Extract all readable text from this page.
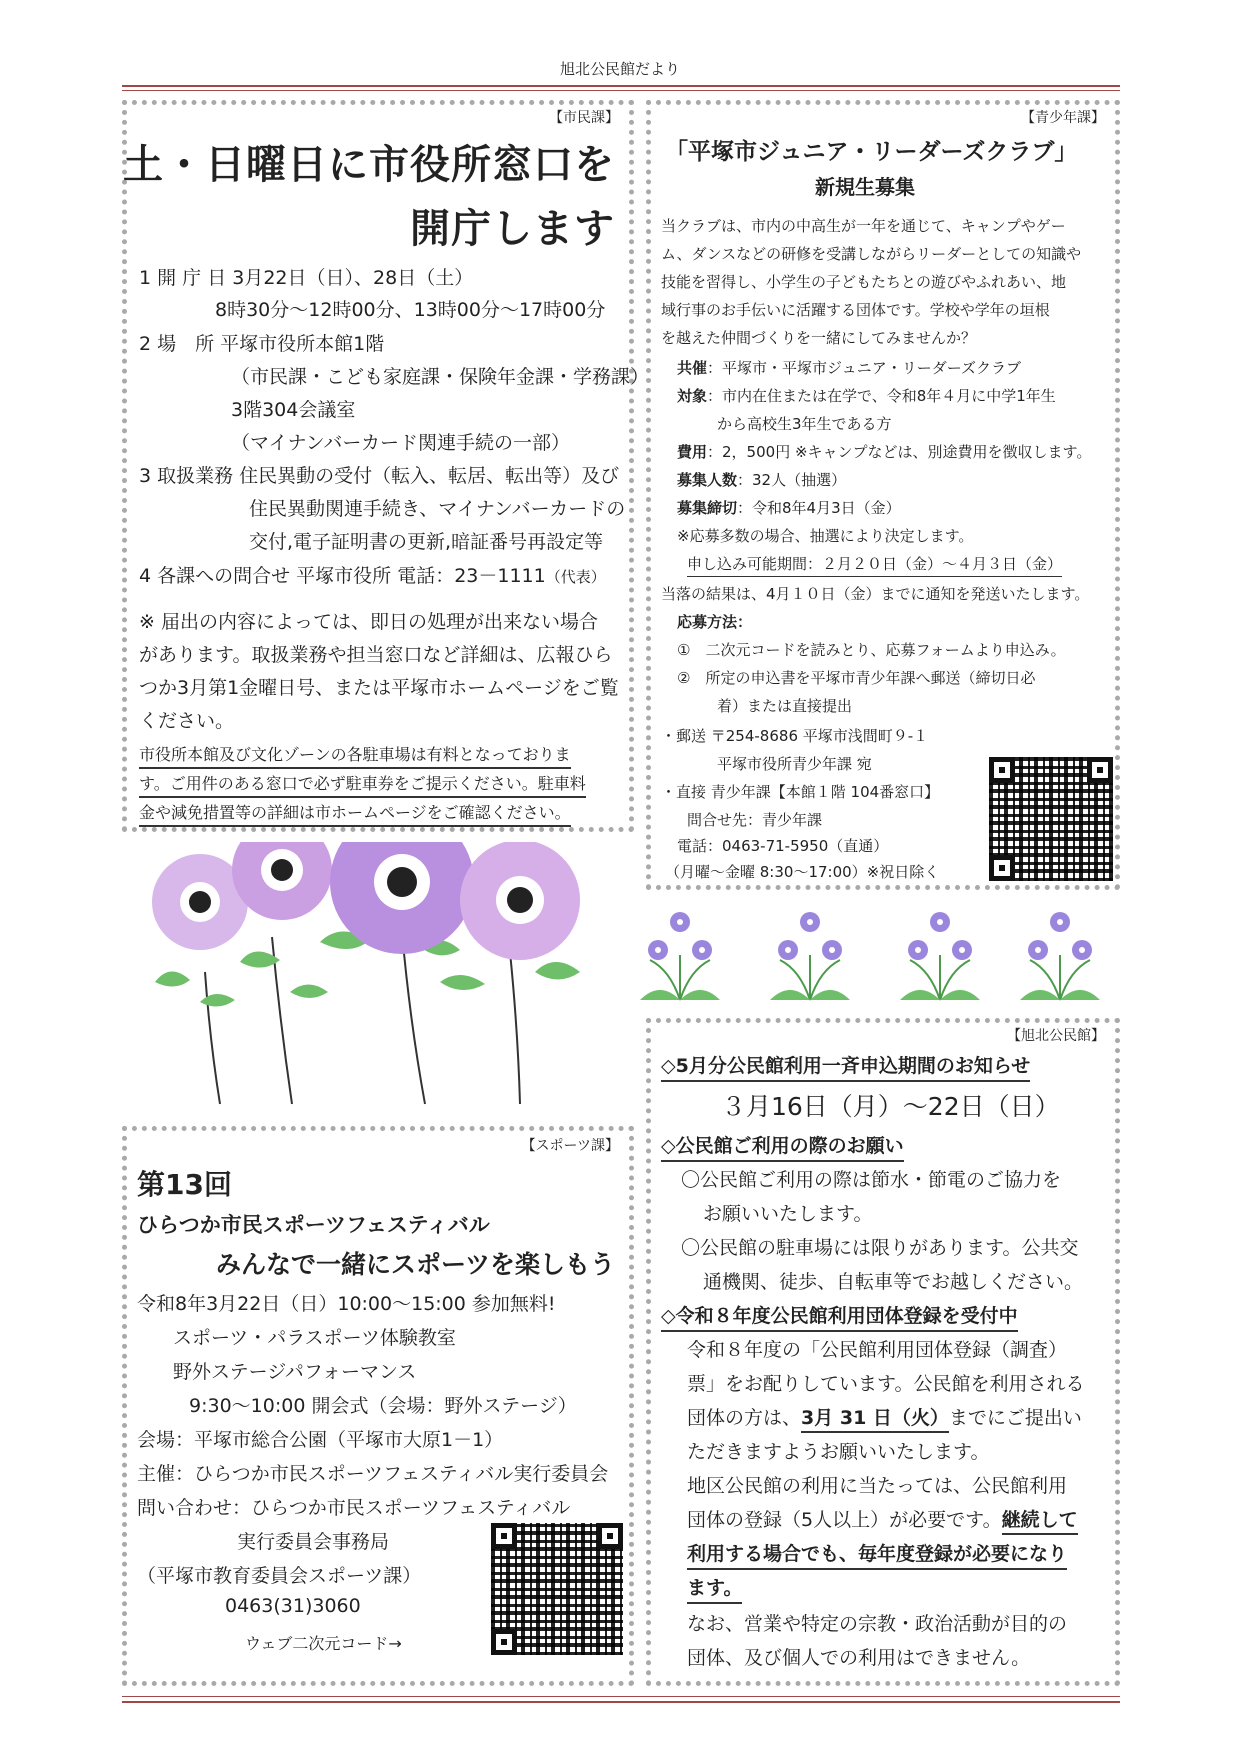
旭北公民館だより
【市民課】
土・日曜日に市役所窓口を
開庁します
1 開 庁 日 3月22日（日）、28日（土）
8時30分～12時00分、13時00分～17時00分
2 場　所 平塚市役所本館1階
（市民課・こども家庭課・保険年金課・学務課）
3階304会議室
（マイナンバーカード関連手続の一部）
3 取扱業務 住民異動の受付（転入、転居、転出等）及び
住民異動関連手続き、マイナンバーカードの
交付,電子証明書の更新,暗証番号再設定等
4 各課への問合せ 平塚市役所 電話：23－1111（代表）
※ 届出の内容によっては、即日の処理が出来ない場合
があります。取扱業務や担当窓口など詳細は、広報ひら
つか3月第1金曜日号、または平塚市ホームページをご覧
ください。
市役所本館及び文化ゾーンの各駐車場は有料となっておりま
す。ご用件のある窓口で必ず駐車券をご提示ください。駐車料
金や減免措置等の詳細は市ホームページをご確認ください。
【青少年課】
「平塚市ジュニア・リーダーズクラブ」
新規生募集
当クラブは、市内の中高生が一年を通じて、キャンプやゲー
ム、ダンスなどの研修を受講しながらリーダーとしての知識や
技能を習得し、小学生の子どもたちとの遊びやふれあい、地
域行事のお手伝いに活躍する団体です。学校や学年の垣根
を越えた仲間づくりを一緒にしてみませんか？
共催：平塚市・平塚市ジュニア・リーダーズクラブ
対象：市内在住または在学で、令和8年４月に中学1年生
から高校生3年生である方
費用：2，500円 ※キャンプなどは、別途費用を徴収します。
募集人数：32人（抽選）
募集締切：令和8年4月3日（金）
※応募多数の場合、抽選により決定します。
申し込み可能期間：２月２０日（金）～４月３日（金）
当落の結果は、4月１０日（金）までに通知を発送いたします。
応募方法：
①　二次元コードを読みとり、応募フォームより申込み。
②　所定の申込書を平塚市青少年課へ郵送（締切日必
着）または直接提出
・郵送 〒254-8686 平塚市浅間町９-１
平塚市役所青少年課 宛
・直接 青少年課【本館１階 104番窓口】
問合せ先：青少年課
電話：0463-71-5950（直通）
（月曜～金曜 8:30～17:00）※祝日除く
【スポーツ課】
第13回
ひらつか市民スポーツフェスティバル
みんなで一緒にスポーツを楽しもう
令和8年3月22日（日）10:00～15:00 参加無料!
スポーツ・パラスポーツ体験教室
野外ステージパフォーマンス
9:30～10:00 開会式（会場：野外ステージ）
会場：平塚市総合公園（平塚市大原1－1）
主催：ひらつか市民スポーツフェスティバル実行委員会
問い合わせ：ひらつか市民スポーツフェスティバル
実行委員会事務局
（平塚市教育委員会スポーツ課）
0463(31)3060
ウェブ二次元コード→
【旭北公民館】
◇5月分公民館利用一斉申込期間のお知らせ
３月16日（月）～22日（日）
◇公民館ご利用の際のお願い
〇公民館ご利用の際は節水・節電のご協力を
お願いいたします。
〇公民館の駐車場には限りがあります。公共交
通機関、徒歩、自転車等でお越しください。
◇令和８年度公民館利用団体登録を受付中
令和８年度の「公民館利用団体登録（調査）
票」をお配りしています。公民館を利用される
団体の方は、3月 31 日（火）までにご提出い
ただきますようお願いいたします。
地区公民館の利用に当たっては、公民館利用
団体の登録（5人以上）が必要です。継続して
利用する場合でも、毎年度登録が必要になり
ます。
なお、営業や特定の宗教・政治活動が目的の
団体、及び個人での利用はできません。
